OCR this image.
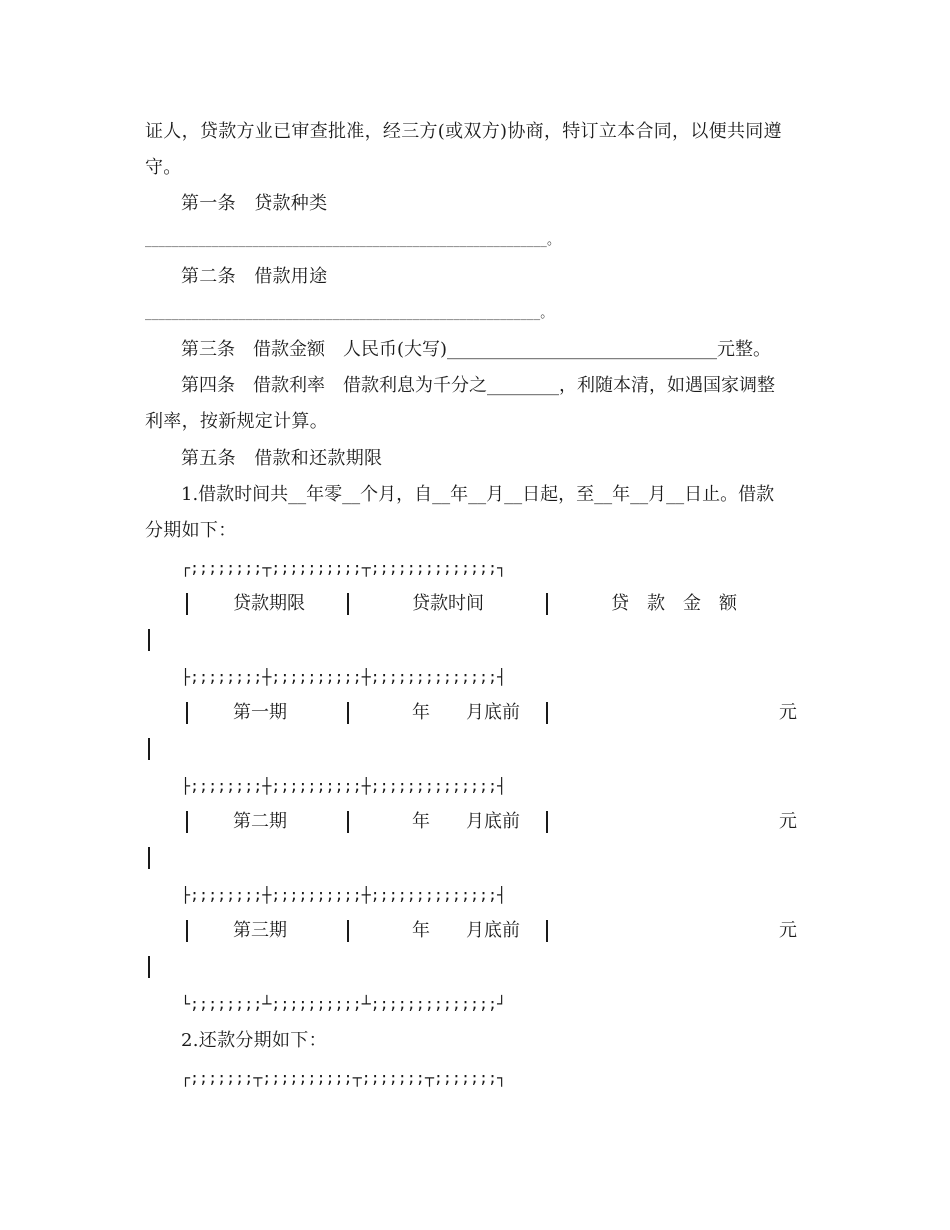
证人，贷款方业已审查批准，经三方(或双方)协商，特订立本合同，以便共同遵
守。
第一条　贷款种类
____________________________________________________________。
第二条　借款用途
___________________________________________________________。
第三条　借款金额　人民币(大写)______________________________元整。
第四条　借款利率　借款利息为千分之________，利随本清，如遇国家调整
利率，按新规定计算。
第五条　借款和还款期限
1.借款时间共__年零__个月，自__年__月__日起，至__年__月__日止。借款
分期如下：
┌;;;;;;;;┬;;;;;;;;;;┬;;;;;;;;;;;;;;┐
贷款期限	贷款时间	贷　款　金　额
├;;;;;;;;┼;;;;;;;;;;┼;;;;;;;;;;;;;;┤
第一期	年　　月底前	元
├;;;;;;;;┼;;;;;;;;;;┼;;;;;;;;;;;;;;┤
第二期	年　　月底前	元
├;;;;;;;;┼;;;;;;;;;;┼;;;;;;;;;;;;;;┤
第三期	年　　月底前	元
└;;;;;;;;┴;;;;;;;;;;┴;;;;;;;;;;;;;;┘
2.还款分期如下：
┌;;;;;;;┬;;;;;;;;;;┬;;;;;;;┬;;;;;;;┐
